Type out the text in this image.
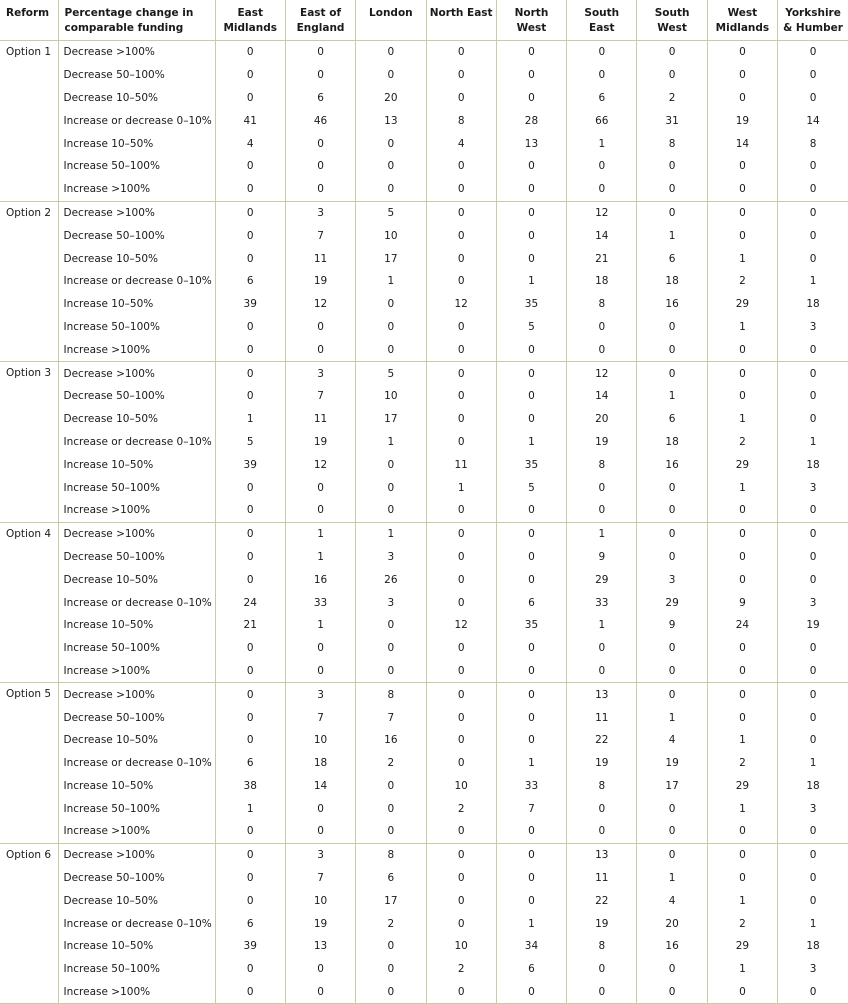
Reform	Percentage change in comparable funding	East Midlands	East of England	London	North East	North West	South East	South West	West Midlands	Yorkshire & Humber
Option 1	Decrease >100%	0	0	0	0	0	0	0	0	0
	Decrease 50–100%	0	0	0	0	0	0	0	0	0
	Decrease 10–50%	0	6	20	0	0	6	2	0	0
	Increase or decrease 0–10%	41	46	13	8	28	66	31	19	14
	Increase 10–50%	4	0	0	4	13	1	8	14	8
	Increase 50–100%	0	0	0	0	0	0	0	0	0
	Increase >100%	0	0	0	0	0	0	0	0	0
Option 2	Decrease >100%	0	3	5	0	0	12	0	0	0
	Decrease 50–100%	0	7	10	0	0	14	1	0	0
	Decrease 10–50%	0	11	17	0	0	21	6	1	0
	Increase or decrease 0–10%	6	19	1	0	1	18	18	2	1
	Increase 10–50%	39	12	0	12	35	8	16	29	18
	Increase 50–100%	0	0	0	0	5	0	0	1	3
	Increase >100%	0	0	0	0	0	0	0	0	0
Option 3	Decrease >100%	0	3	5	0	0	12	0	0	0
	Decrease 50–100%	0	7	10	0	0	14	1	0	0
	Decrease 10–50%	1	11	17	0	0	20	6	1	0
	Increase or decrease 0–10%	5	19	1	0	1	19	18	2	1
	Increase 10–50%	39	12	0	11	35	8	16	29	18
	Increase 50–100%	0	0	0	1	5	0	0	1	3
	Increase >100%	0	0	0	0	0	0	0	0	0
Option 4	Decrease >100%	0	1	1	0	0	1	0	0	0
	Decrease 50–100%	0	1	3	0	0	9	0	0	0
	Decrease 10–50%	0	16	26	0	0	29	3	0	0
	Increase or decrease 0–10%	24	33	3	0	6	33	29	9	3
	Increase 10–50%	21	1	0	12	35	1	9	24	19
	Increase 50–100%	0	0	0	0	0	0	0	0	0
	Increase >100%	0	0	0	0	0	0	0	0	0
Option 5	Decrease >100%	0	3	8	0	0	13	0	0	0
	Decrease 50–100%	0	7	7	0	0	11	1	0	0
	Decrease 10–50%	0	10	16	0	0	22	4	1	0
	Increase or decrease 0–10%	6	18	2	0	1	19	19	2	1
	Increase 10–50%	38	14	0	10	33	8	17	29	18
	Increase 50–100%	1	0	0	2	7	0	0	1	3
	Increase >100%	0	0	0	0	0	0	0	0	0
Option 6	Decrease >100%	0	3	8	0	0	13	0	0	0
	Decrease 50–100%	0	7	6	0	0	11	1	0	0
	Decrease 10–50%	0	10	17	0	0	22	4	1	0
	Increase or decrease 0–10%	6	19	2	0	1	19	20	2	1
	Increase 10–50%	39	13	0	10	34	8	16	29	18
	Increase 50–100%	0	0	0	2	6	0	0	1	3
	Increase >100%	0	0	0	0	0	0	0	0	0
